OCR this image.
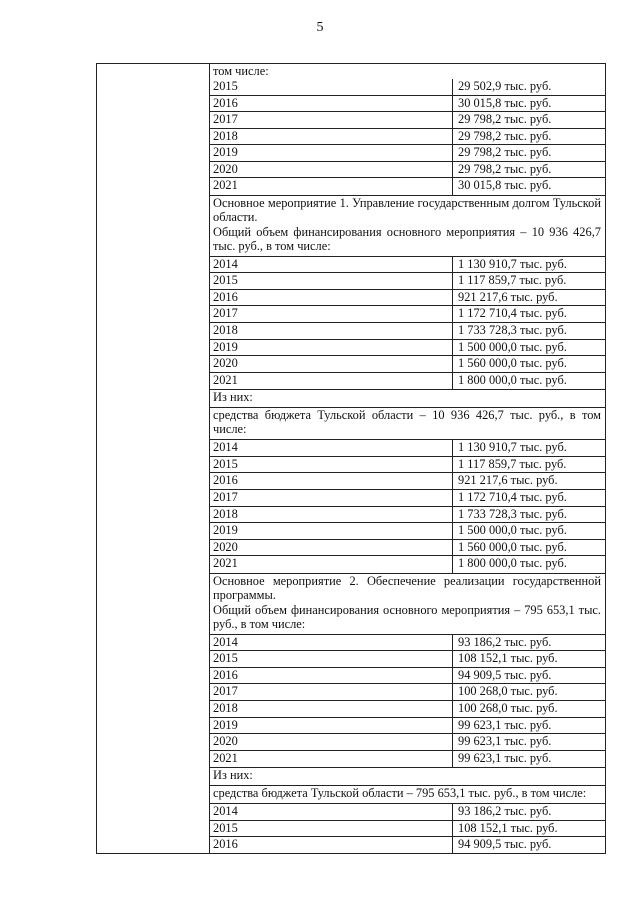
5
том числе:
2015	29 502,9 тыс. руб.
2016	30 015,8 тыс. руб.
2017	29 798,2 тыс. руб.
2018	29 798,2 тыс. руб.
2019	29 798,2 тыс. руб.
2020	29 798,2 тыс. руб.
2021	30 015,8 тыс. руб.
Основное мероприятие 1. Управление государственным долгом Тульской области.
Общий объем финансирования основного мероприятия – 10 936 426,7 тыс. руб., в том числе:
2014	1 130 910,7 тыс. руб.
2015	1 117 859,7 тыс. руб.
2016	921 217,6 тыс. руб.
2017	1 172 710,4 тыс. руб.
2018	1 733 728,3 тыс. руб.
2019	1 500 000,0 тыс. руб.
2020	1 560 000,0 тыс. руб.
2021	1 800 000,0 тыс. руб.
Из них:
средства бюджета Тульской области – 10 936 426,7 тыс. руб., в том числе:
2014	1 130 910,7 тыс. руб.
2015	1 117 859,7 тыс. руб.
2016	921 217,6 тыс. руб.
2017	1 172 710,4 тыс. руб.
2018	1 733 728,3 тыс. руб.
2019	1 500 000,0 тыс. руб.
2020	1 560 000,0 тыс. руб.
2021	1 800 000,0 тыс. руб.
Основное мероприятие 2. Обеспечение реализации государственной программы.
Общий объем финансирования основного мероприятия – 795 653,1 тыс. руб., в том числе:
2014	93 186,2 тыс. руб.
2015	108 152,1 тыс. руб.
2016	94 909,5 тыс. руб.
2017	100 268,0 тыс. руб.
2018	100 268,0 тыс. руб.
2019	99 623,1 тыс. руб.
2020	99 623,1 тыс. руб.
2021	99 623,1 тыс. руб.
Из них:
средства бюджета Тульской области – 795 653,1 тыс. руб., в том числе:
2014	93 186,2 тыс. руб.
2015	108 152,1 тыс. руб.
2016	94 909,5 тыс. руб.
